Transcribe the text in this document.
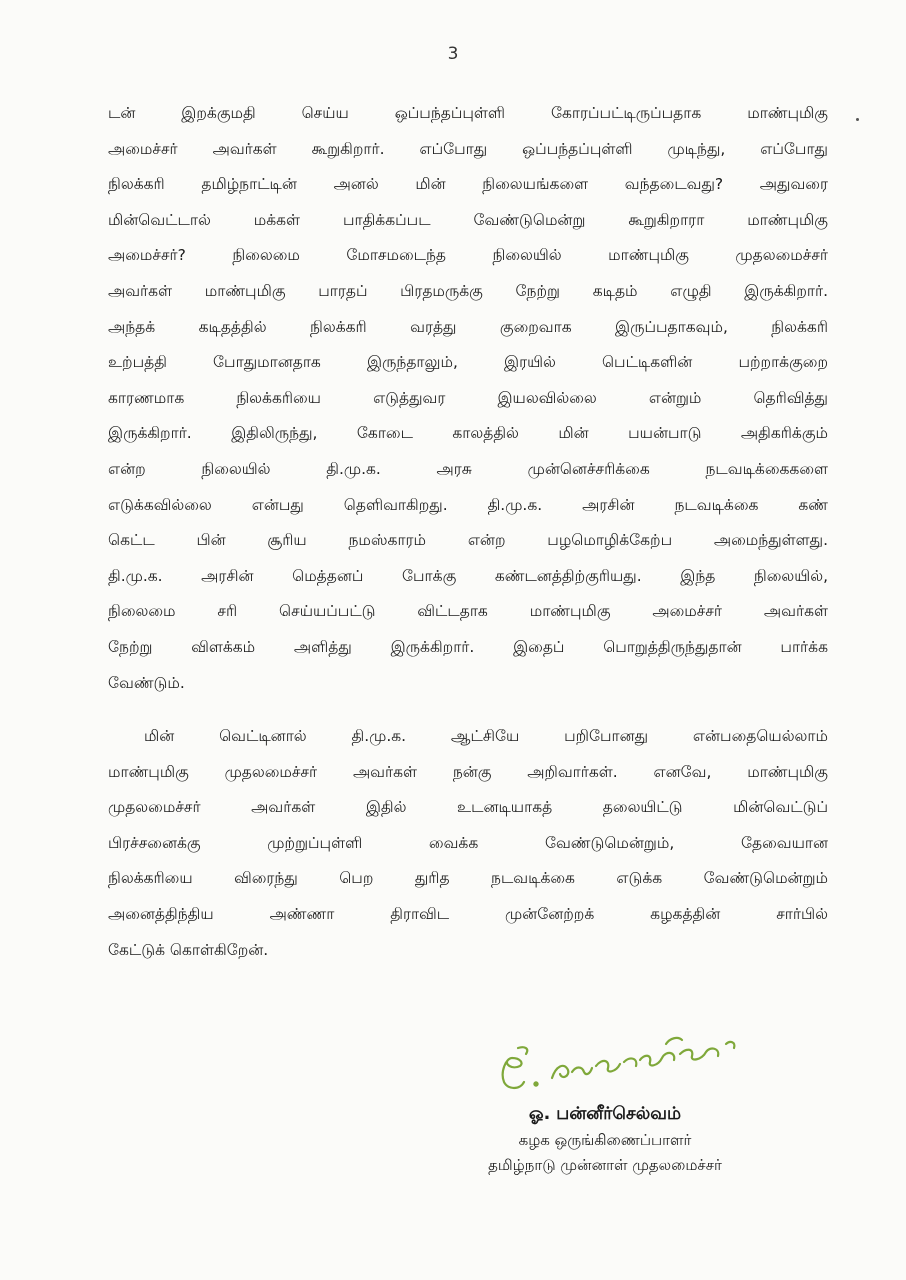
3
டன் இறக்குமதி செய்ய ஒப்பந்தப்புள்ளி கோரப்பட்டிருப்பதாக மாண்புமிகு
அமைச்சர் அவர்கள் கூறுகிறார். எப்போது ஒப்பந்தப்புள்ளி முடிந்து, எப்போது
நிலக்கரி தமிழ்நாட்டின் அனல் மின் நிலையங்களை வந்தடைவது? அதுவரை
மின்வெட்டால் மக்கள் பாதிக்கப்பட வேண்டுமென்று கூறுகிறாரா மாண்புமிகு
அமைச்சர்? நிலைமை மோசமடைந்த நிலையில் மாண்புமிகு முதலமைச்சர்
அவர்கள் மாண்புமிகு பாரதப் பிரதமருக்கு நேற்று கடிதம் எழுதி இருக்கிறார்.
அந்தக் கடிதத்தில் நிலக்கரி வரத்து குறைவாக இருப்பதாகவும், நிலக்கரி
உற்பத்தி போதுமானதாக இருந்தாலும், இரயில் பெட்டிகளின் பற்றாக்குறை
காரணமாக நிலக்கரியை எடுத்துவர இயலவில்லை என்றும் தெரிவித்து
இருக்கிறார். இதிலிருந்து, கோடை காலத்தில் மின் பயன்பாடு அதிகரிக்கும்
என்ற நிலையில் தி.மு.க. அரசு முன்னெச்சரிக்கை நடவடிக்கைகளை
எடுக்கவில்லை என்பது தெளிவாகிறது. தி.மு.க. அரசின் நடவடிக்கை கண்
கெட்ட பின் சூரிய நமஸ்காரம் என்ற பழமொழிக்கேற்ப அமைந்துள்ளது.
தி.மு.க. அரசின் மெத்தனப் போக்கு கண்டனத்திற்குரியது. இந்த நிலையில்,
நிலைமை சரி செய்யப்பட்டு விட்டதாக மாண்புமிகு அமைச்சர் அவர்கள்
நேற்று விளக்கம் அளித்து இருக்கிறார். இதைப் பொறுத்திருந்துதான் பார்க்க
வேண்டும்.
மின் வெட்டினால் தி.மு.க. ஆட்சியே பறிபோனது என்பதையெல்லாம்
மாண்புமிகு முதலமைச்சர் அவர்கள் நன்கு அறிவார்கள். எனவே, மாண்புமிகு
முதலமைச்சர் அவர்கள் இதில் உடனடியாகத் தலையிட்டு மின்வெட்டுப்
பிரச்சனைக்கு முற்றுப்புள்ளி வைக்க வேண்டுமென்றும், தேவையான
நிலக்கரியை விரைந்து பெற துரித நடவடிக்கை எடுக்க வேண்டுமென்றும்
அனைத்திந்திய அண்ணா திராவிட முன்னேற்றக் கழகத்தின் சார்பில்
கேட்டுக் கொள்கிறேன்.
ஓ. பன்னீர்செல்வம்
கழக ஒருங்கிணைப்பாளர்
தமிழ்நாடு முன்னாள் முதலமைச்சர்
